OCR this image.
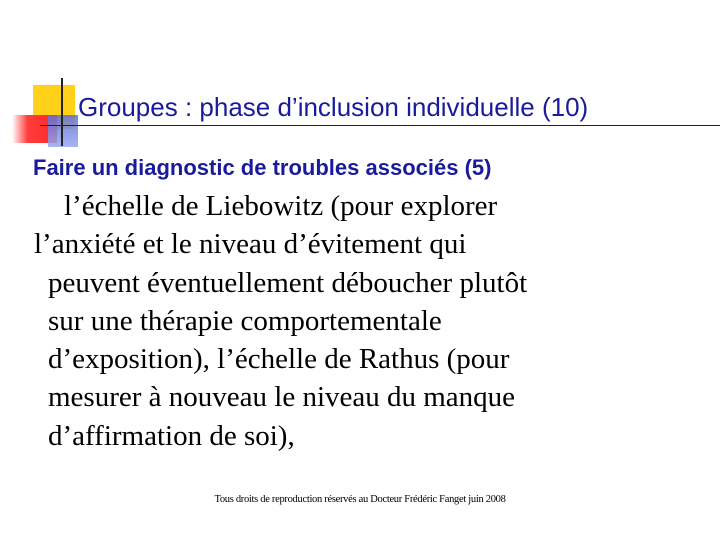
Groupes : phase d’inclusion individuelle (10)
Faire un diagnostic de troubles associés (5)
l’échelle de Liebowitz (pour explorer
l’anxiété et le niveau d’évitement qui
peuvent éventuellement déboucher plutôt
sur une thérapie comportementale
d’exposition), l’échelle de Rathus (pour
mesurer à nouveau le niveau du manque
d’affirmation de soi),
Tous droits de reproduction réservés au Docteur Frédéric Fanget juin 2008
